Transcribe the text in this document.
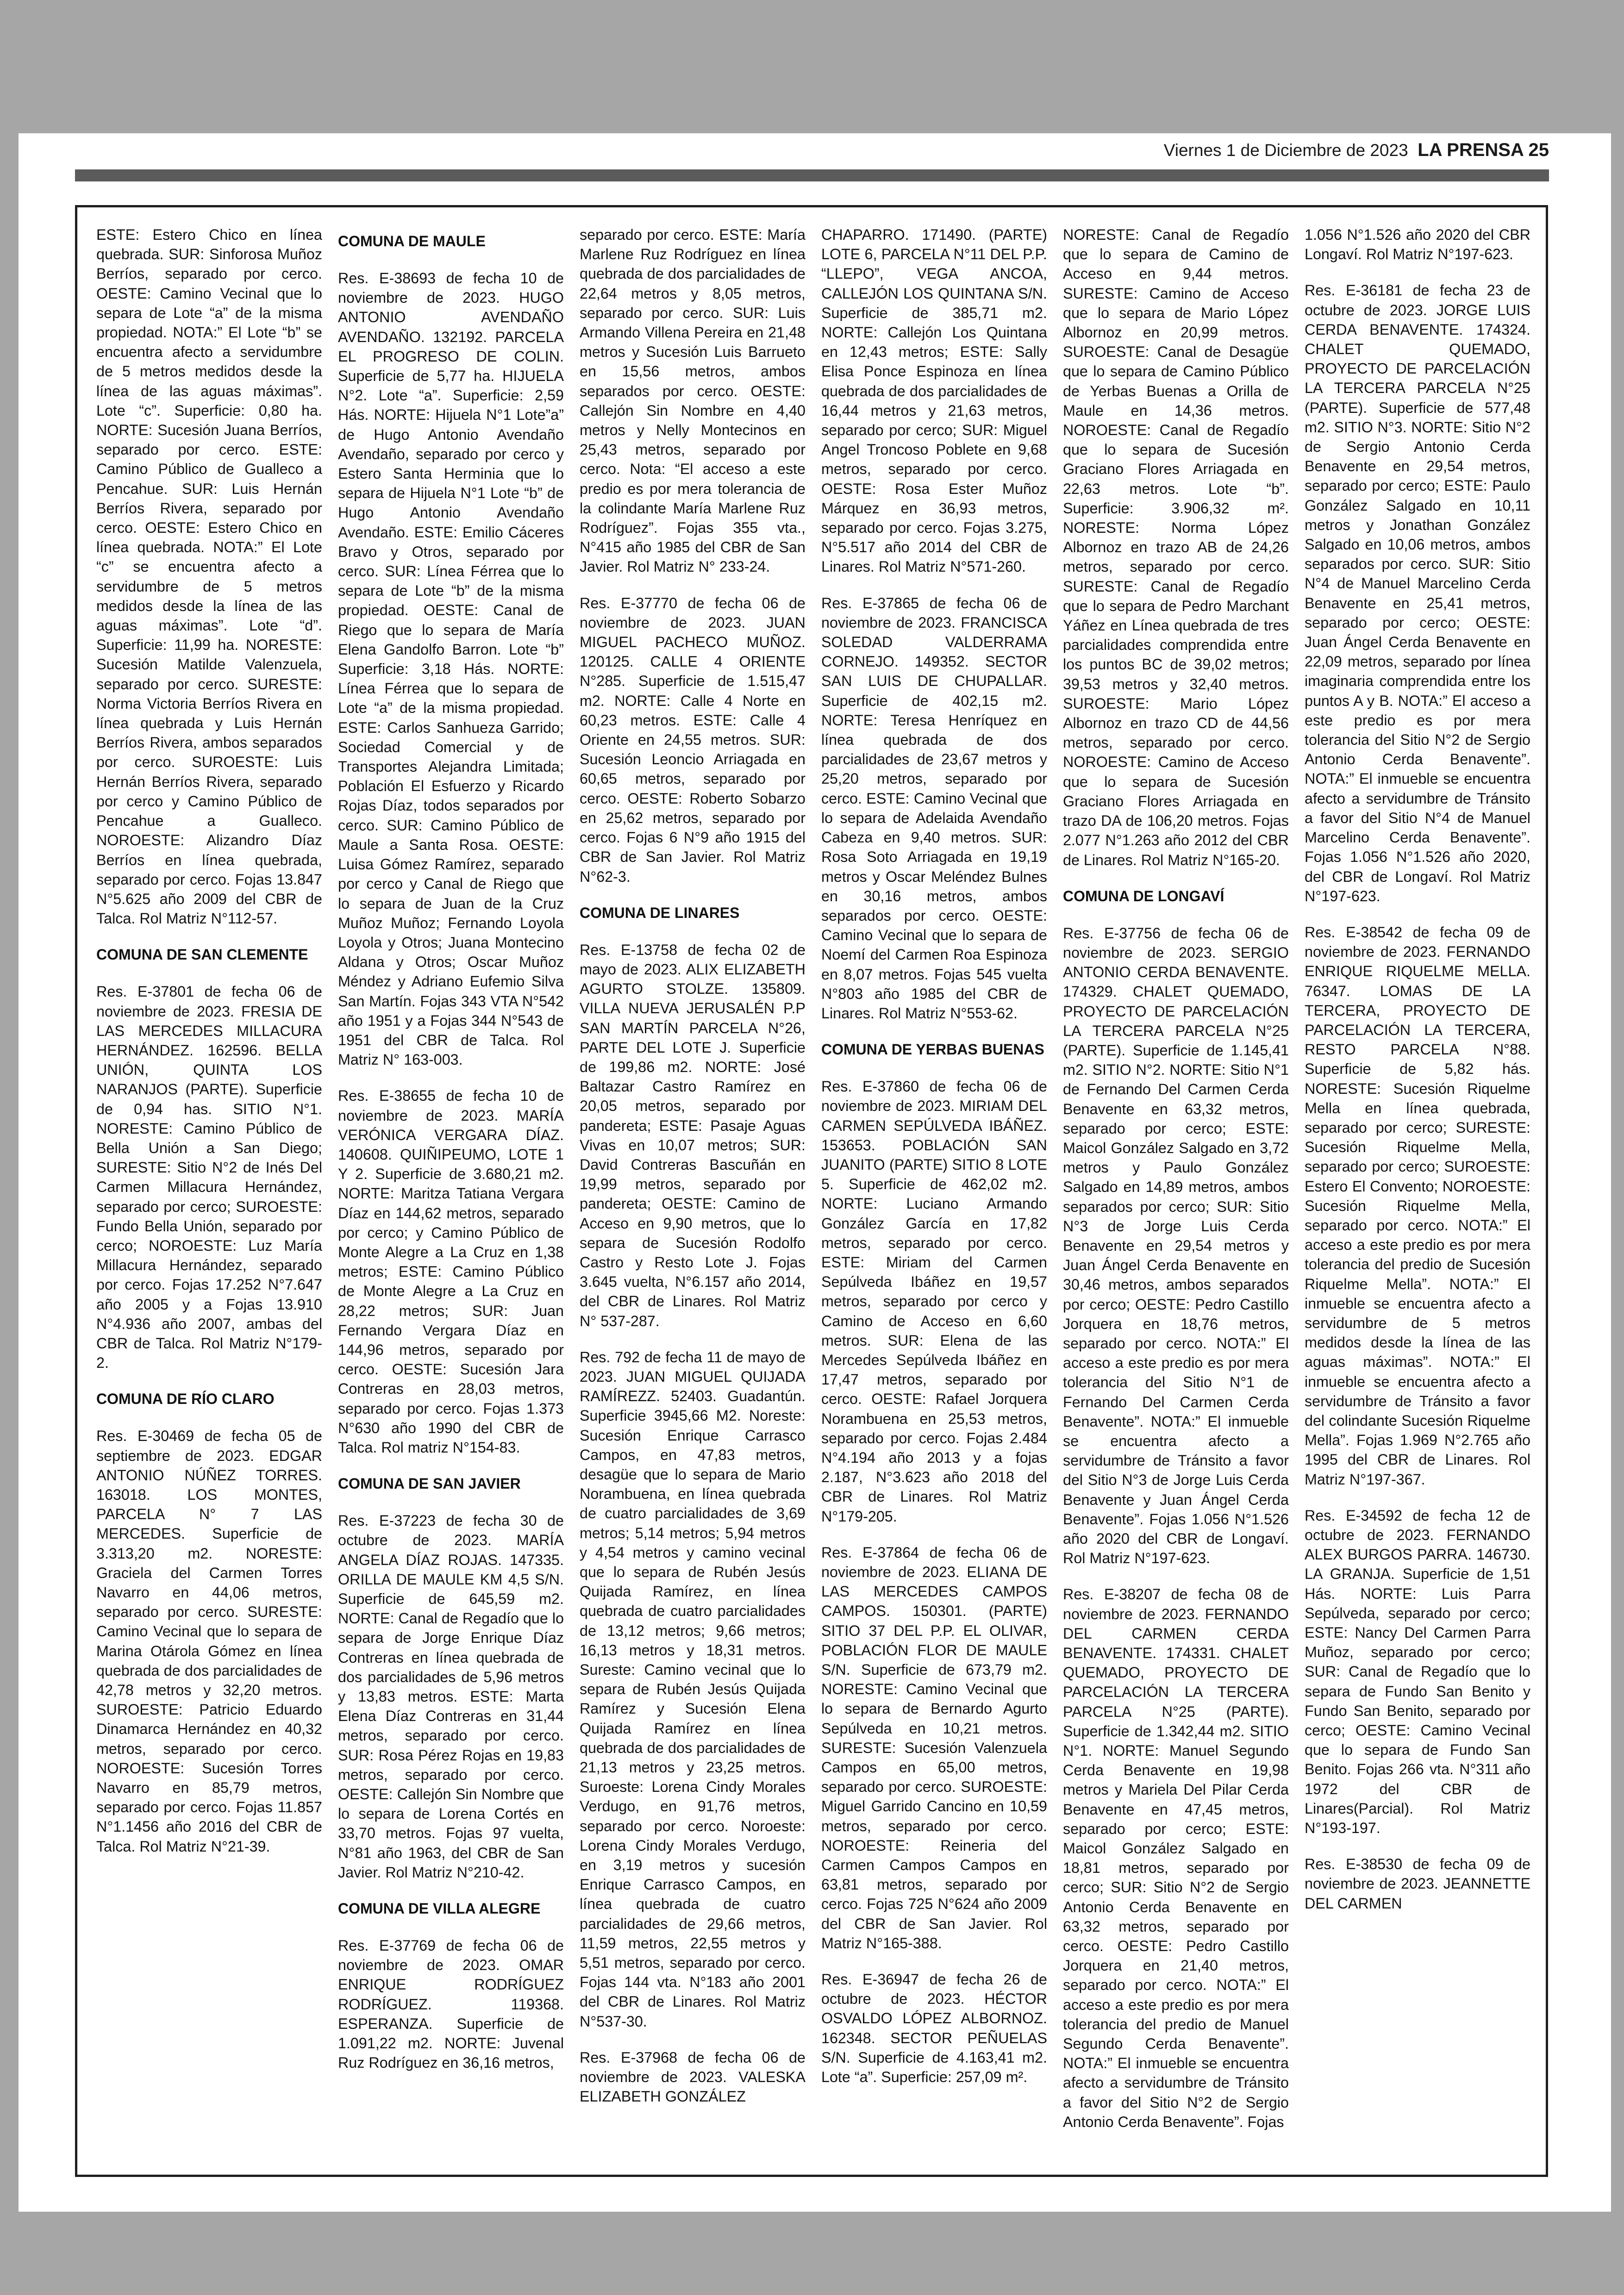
Viernes 1 de Diciembre de 2023 LA PRENSA 25

ESTE: Estero Chico en línea quebrada. SUR: Sinforosa Muñoz Berríos, separado por cerco. OESTE: Camino Vecinal que lo separa de Lote “a” de la misma propiedad. NOTA:” El Lote “b” se encuentra afecto a servidumbre de 5 metros medidos desde la línea de las aguas máximas”. Lote “c”. Superficie: 0,80 ha. NORTE: Sucesión Juana Berríos, separado por cerco. ESTE: Camino Público de Gualleco a Pencahue. SUR: Luis Hernán Berríos Rivera, separado por cerco. OESTE: Estero Chico en línea quebrada. NOTA:” El Lote “c” se encuentra afecto a servidumbre de 5 metros medidos desde la línea de las aguas máximas”. Lote “d”. Superficie: 11,99 ha. NORESTE: Sucesión Matilde Valenzuela, separado por cerco. SURESTE: Norma Victoria Berríos Rivera en línea quebrada y Luis Hernán Berríos Rivera, ambos separados por cerco. SUROESTE: Luis Hernán Berríos Rivera, separado por cerco y Camino Público de Pencahue a Gualleco. NOROESTE: Alizandro Díaz Berríos en línea quebrada, separado por cerco. Fojas 13.847 N°5.625 año 2009 del CBR de Talca. Rol Matriz N°112-57.

COMUNA DE SAN CLEMENTE

Res. E-37801 de fecha 06 de noviembre de 2023. FRESIA DE LAS MERCEDES MILLACURA HERNÁNDEZ. 162596. BELLA UNIÓN, QUINTA LOS NARANJOS (PARTE). Superficie de 0,94 has. SITIO N°1. NORESTE: Camino Público de Bella Unión a San Diego; SURESTE: Sitio N°2 de Inés Del Carmen Millacura Hernández, separado por cerco; SUROESTE: Fundo Bella Unión, separado por cerco; NOROESTE: Luz María Millacura Hernández, separado por cerco. Fojas 17.252 N°7.647 año 2005 y a Fojas 13.910 N°4.936 año 2007, ambas del CBR de Talca. Rol Matriz N°179-2.

COMUNA DE RÍO CLARO

Res. E-30469 de fecha 05 de septiembre de 2023. EDGAR ANTONIO NÚÑEZ TORRES. 163018. LOS MONTES, PARCELA N° 7 LAS MERCEDES. Superficie de 3.313,20 m2. NORESTE: Graciela del Carmen Torres Navarro en 44,06 metros, separado por cerco. SURESTE: Camino Vecinal que lo separa de Marina Otárola Gómez en línea quebrada de dos parcialidades de 42,78 metros y 32,20 metros. SUROESTE: Patricio Eduardo Dinamarca Hernández en 40,32 metros, separado por cerco. NOROESTE: Sucesión Torres Navarro en 85,79 metros, separado por cerco. Fojas 11.857 N°1.1456 año 2016 del CBR de Talca. Rol Matriz N°21-39.

COMUNA DE MAULE

Res. E-38693 de fecha 10 de noviembre de 2023. HUGO ANTONIO AVENDAÑO AVENDAÑO. 132192. PARCELA EL PROGRESO DE COLIN. Superficie de 5,77 ha. HIJUELA N°2. Lote “a”. Superficie: 2,59 Hás. NORTE: Hijuela N°1 Lote”a” de Hugo Antonio Avendaño Avendaño, separado por cerco y Estero Santa Herminia que lo separa de Hijuela N°1 Lote “b” de Hugo Antonio Avendaño Avendaño. ESTE: Emilio Cáceres Bravo y Otros, separado por cerco. SUR: Línea Férrea que lo separa de Lote “b” de la misma propiedad. OESTE: Canal de Riego que lo separa de María Elena Gandolfo Barron. Lote “b” Superficie: 3,18 Hás. NORTE: Línea Férrea que lo separa de Lote “a” de la misma propiedad. ESTE: Carlos Sanhueza Garrido; Sociedad Comercial y de Transportes Alejandra Limitada; Población El Esfuerzo y Ricardo Rojas Díaz, todos separados por cerco. SUR: Camino Público de Maule a Santa Rosa. OESTE: Luisa Gómez Ramírez, separado por cerco y Canal de Riego que lo separa de Juan de la Cruz Muñoz Muñoz; Fernando Loyola Loyola y Otros; Juana Montecino Aldana y Otros; Oscar Muñoz Méndez y Adriano Eufemio Silva San Martín. Fojas 343 VTA N°542 año 1951 y a Fojas 344 N°543 de 1951 del CBR de Talca. Rol Matriz N° 163-003.

Res. E-38655 de fecha 10 de noviembre de 2023. MARÍA VERÓNICA VERGARA DÍAZ. 140608. QUIÑIPEUMO, LOTE 1 Y 2. Superficie de 3.680,21 m2. NORTE: Maritza Tatiana Vergara Díaz en 144,62 metros, separado por cerco; y Camino Público de Monte Alegre a La Cruz en 1,38 metros; ESTE: Camino Público de Monte Alegre a La Cruz en 28,22 metros; SUR: Juan Fernando Vergara Díaz en 144,96 metros, separado por cerco. OESTE: Sucesión Jara Contreras en 28,03 metros, separado por cerco. Fojas 1.373 N°630 año 1990 del CBR de Talca. Rol matriz N°154-83.

COMUNA DE SAN JAVIER

Res. E-37223 de fecha 30 de octubre de 2023. MARÍA ANGELA DÍAZ ROJAS. 147335. ORILLA DE MAULE KM 4,5 S/N. Superficie de 645,59 m2. NORTE: Canal de Regadío que lo separa de Jorge Enrique Díaz Contreras en línea quebrada de dos parcialidades de 5,96 metros y 13,83 metros. ESTE: Marta Elena Díaz Contreras en 31,44 metros, separado por cerco. SUR: Rosa Pérez Rojas en 19,83 metros, separado por cerco. OESTE: Callejón Sin Nombre que lo separa de Lorena Cortés en 33,70 metros. Fojas 97 vuelta, N°81 año 1963, del CBR de San Javier. Rol Matriz N°210-42.

COMUNA DE VILLA ALEGRE

Res. E-37769 de fecha 06 de noviembre de 2023. OMAR ENRIQUE RODRÍGUEZ RODRÍGUEZ. 119368. ESPERANZA. Superficie de 1.091,22 m2. NORTE: Juvenal Ruz Rodríguez en 36,16 metros,

separado por cerco. ESTE: María Marlene Ruz Rodríguez en línea quebrada de dos parcialidades de 22,64 metros y 8,05 metros, separado por cerco. SUR: Luis Armando Villena Pereira en 21,48 metros y Sucesión Luis Barrueto en 15,56 metros, ambos separados por cerco. OESTE: Callejón Sin Nombre en 4,40 metros y Nelly Montecinos en 25,43 metros, separado por cerco. Nota: “El acceso a este predio es por mera tolerancia de la colindante María Marlene Ruz Rodríguez”. Fojas 355 vta., N°415 año 1985 del CBR de San Javier. Rol Matriz N° 233-24.

Res. E-37770 de fecha 06 de noviembre de 2023. JUAN MIGUEL PACHECO MUÑOZ. 120125. CALLE 4 ORIENTE N°285. Superficie de 1.515,47 m2. NORTE: Calle 4 Norte en 60,23 metros. ESTE: Calle 4 Oriente en 24,55 metros. SUR: Sucesión Leoncio Arriagada en 60,65 metros, separado por cerco. OESTE: Roberto Sobarzo en 25,62 metros, separado por cerco. Fojas 6 N°9 año 1915 del CBR de San Javier. Rol Matriz N°62-3.

COMUNA DE LINARES

Res. E-13758 de fecha 02 de mayo de 2023. ALIX ELIZABETH AGURTO STOLZE. 135809. VILLA NUEVA JERUSALÉN P.P SAN MARTÍN PARCELA N°26, PARTE DEL LOTE J. Superficie de 199,86 m2. NORTE: José Baltazar Castro Ramírez en 20,05 metros, separado por pandereta; ESTE: Pasaje Aguas Vivas en 10,07 metros; SUR: David Contreras Bascuñán en 19,99 metros, separado por pandereta; OESTE: Camino de Acceso en 9,90 metros, que lo separa de Sucesión Rodolfo Castro y Resto Lote J. Fojas 3.645 vuelta, N°6.157 año 2014, del CBR de Linares. Rol Matriz N° 537-287.

Res. 792 de fecha 11 de mayo de 2023. JUAN MIGUEL QUIJADA RAMÍREZZ. 52403. Guadantún. Superficie 3945,66 M2. Noreste: Sucesión Enrique Carrasco Campos, en 47,83 metros, desagüe que lo separa de Mario Norambuena, en línea quebrada de cuatro parcialidades de 3,69 metros; 5,14 metros; 5,94 metros y 4,54 metros y camino vecinal que lo separa de Rubén Jesús Quijada Ramírez, en línea quebrada de cuatro parcialidades de 13,12 metros; 9,66 metros; 16,13 metros y 18,31 metros. Sureste: Camino vecinal que lo separa de Rubén Jesús Quijada Ramírez y Sucesión Elena Quijada Ramírez en línea quebrada de dos parcialidades de 21,13 metros y 23,25 metros. Suroeste: Lorena Cindy Morales Verdugo, en 91,76 metros, separado por cerco. Noroeste: Lorena Cindy Morales Verdugo, en 3,19 metros y sucesión Enrique Carrasco Campos, en línea quebrada de cuatro parcialidades de 29,66 metros, 11,59 metros, 22,55 metros y 5,51 metros, separado por cerco. Fojas 144 vta. N°183 año 2001 del CBR de Linares. Rol Matriz N°537-30.

Res. E-37968 de fecha 06 de noviembre de 2023. VALESKA ELIZABETH GONZÁLEZ

CHAPARRO. 171490. (PARTE) LOTE 6, PARCELA N°11 DEL P.P. “LLEPO”, VEGA ANCOA, CALLEJÓN LOS QUINTANA S/N. Superficie de 385,71 m2. NORTE: Callejón Los Quintana en 12,43 metros; ESTE: Sally Elisa Ponce Espinoza en línea quebrada de dos parcialidades de 16,44 metros y 21,63 metros, separado por cerco; SUR: Miguel Angel Troncoso Poblete en 9,68 metros, separado por cerco. OESTE: Rosa Ester Muñoz Márquez en 36,93 metros, separado por cerco. Fojas 3.275, N°5.517 año 2014 del CBR de Linares. Rol Matriz N°571-260.

Res. E-37865 de fecha 06 de noviembre de 2023. FRANCISCA SOLEDAD VALDERRAMA CORNEJO. 149352. SECTOR SAN LUIS DE CHUPALLAR. Superficie de 402,15 m2. NORTE: Teresa Henríquez en línea quebrada de dos parcialidades de 23,67 metros y 25,20 metros, separado por cerco. ESTE: Camino Vecinal que lo separa de Adelaida Avendaño Cabeza en 9,40 metros. SUR: Rosa Soto Arriagada en 19,19 metros y Oscar Meléndez Bulnes en 30,16 metros, ambos separados por cerco. OESTE: Camino Vecinal que lo separa de Noemí del Carmen Roa Espinoza en 8,07 metros. Fojas 545 vuelta N°803 año 1985 del CBR de Linares. Rol Matriz N°553-62.

COMUNA DE YERBAS BUENAS

Res. E-37860 de fecha 06 de noviembre de 2023. MIRIAM DEL CARMEN SEPÚLVEDA IBÁÑEZ. 153653. POBLACIÓN SAN JUANITO (PARTE) SITIO 8 LOTE 5. Superficie de 462,02 m2. NORTE: Luciano Armando González García en 17,82 metros, separado por cerco. ESTE: Miriam del Carmen Sepúlveda Ibáñez en 19,57 metros, separado por cerco y Camino de Acceso en 6,60 metros. SUR: Elena de las Mercedes Sepúlveda Ibáñez en 17,47 metros, separado por cerco. OESTE: Rafael Jorquera Norambuena en 25,53 metros, separado por cerco. Fojas 2.484 N°4.194 año 2013 y a fojas 2.187, N°3.623 año 2018 del CBR de Linares. Rol Matriz N°179-205.

Res. E-37864 de fecha 06 de noviembre de 2023. ELIANA DE LAS MERCEDES CAMPOS CAMPOS. 150301. (PARTE) SITIO 37 DEL P.P. EL OLIVAR, POBLACIÓN FLOR DE MAULE S/N. Superficie de 673,79 m2. NORESTE: Camino Vecinal que lo separa de Bernardo Agurto Sepúlveda en 10,21 metros. SURESTE: Sucesión Valenzuela Campos en 65,00 metros, separado por cerco. SUROESTE: Miguel Garrido Cancino en 10,59 metros, separado por cerco. NOROESTE: Reineria del Carmen Campos Campos en 63,81 metros, separado por cerco. Fojas 725 N°624 año 2009 del CBR de San Javier. Rol Matriz N°165-388.

Res. E-36947 de fecha 26 de octubre de 2023. HÉCTOR OSVALDO LÓPEZ ALBORNOZ. 162348. SECTOR PEÑUELAS S/N. Superficie de 4.163,41 m2. Lote “a”. Superficie: 257,09 m².

NORESTE: Canal de Regadío que lo separa de Camino de Acceso en 9,44 metros. SURESTE: Camino de Acceso que lo separa de Mario López Albornoz en 20,99 metros. SUROESTE: Canal de Desagüe que lo separa de Camino Público de Yerbas Buenas a Orilla de Maule en 14,36 metros. NOROESTE: Canal de Regadío que lo separa de Sucesión Graciano Flores Arriagada en 22,63 metros. Lote “b”. Superficie: 3.906,32 m². NORESTE: Norma López Albornoz en trazo AB de 24,26 metros, separado por cerco. SURESTE: Canal de Regadío que lo separa de Pedro Marchant Yáñez en Línea quebrada de tres parcialidades comprendida entre los puntos BC de 39,02 metros; 39,53 metros y 32,40 metros. SUROESTE: Mario López Albornoz en trazo CD de 44,56 metros, separado por cerco. NOROESTE: Camino de Acceso que lo separa de Sucesión Graciano Flores Arriagada en trazo DA de 106,20 metros. Fojas 2.077 N°1.263 año 2012 del CBR de Linares. Rol Matriz N°165-20.

COMUNA DE LONGAVÍ

Res. E-37756 de fecha 06 de noviembre de 2023. SERGIO ANTONIO CERDA BENAVENTE. 174329. CHALET QUEMADO, PROYECTO DE PARCELACIÓN LA TERCERA PARCELA N°25 (PARTE). Superficie de 1.145,41 m2. SITIO N°2. NORTE: Sitio N°1 de Fernando Del Carmen Cerda Benavente en 63,32 metros, separado por cerco; ESTE: Maicol González Salgado en 3,72 metros y Paulo González Salgado en 14,89 metros, ambos separados por cerco; SUR: Sitio N°3 de Jorge Luis Cerda Benavente en 29,54 metros y Juan Ángel Cerda Benavente en 30,46 metros, ambos separados por cerco; OESTE: Pedro Castillo Jorquera en 18,76 metros, separado por cerco. NOTA:” El acceso a este predio es por mera tolerancia del Sitio N°1 de Fernando Del Carmen Cerda Benavente”. NOTA:” El inmueble se encuentra afecto a servidumbre de Tránsito a favor del Sitio N°3 de Jorge Luis Cerda Benavente y Juan Ángel Cerda Benavente”. Fojas 1.056 N°1.526 año 2020 del CBR de Longaví. Rol Matriz N°197-623.

Res. E-38207 de fecha 08 de noviembre de 2023. FERNANDO DEL CARMEN CERDA BENAVENTE. 174331. CHALET QUEMADO, PROYECTO DE PARCELACIÓN LA TERCERA PARCELA N°25 (PARTE). Superficie de 1.342,44 m2. SITIO N°1. NORTE: Manuel Segundo Cerda Benavente en 19,98 metros y Mariela Del Pilar Cerda Benavente en 47,45 metros, separado por cerco; ESTE: Maicol González Salgado en 18,81 metros, separado por cerco; SUR: Sitio N°2 de Sergio Antonio Cerda Benavente en 63,32 metros, separado por cerco. OESTE: Pedro Castillo Jorquera en 21,40 metros, separado por cerco. NOTA:” El acceso a este predio es por mera tolerancia del predio de Manuel Segundo Cerda Benavente”. NOTA:” El inmueble se encuentra afecto a servidumbre de Tránsito a favor del Sitio N°2 de Sergio Antonio Cerda Benavente”. Fojas

1.056 N°1.526 año 2020 del CBR Longaví. Rol Matriz N°197-623.

Res. E-36181 de fecha 23 de octubre de 2023. JORGE LUIS CERDA BENAVENTE. 174324. CHALET QUEMADO, PROYECTO DE PARCELACIÓN LA TERCERA PARCELA N°25 (PARTE). Superficie de 577,48 m2. SITIO N°3. NORTE: Sitio N°2 de Sergio Antonio Cerda Benavente en 29,54 metros, separado por cerco; ESTE: Paulo González Salgado en 10,11 metros y Jonathan González Salgado en 10,06 metros, ambos separados por cerco. SUR: Sitio N°4 de Manuel Marcelino Cerda Benavente en 25,41 metros, separado por cerco; OESTE: Juan Ángel Cerda Benavente en 22,09 metros, separado por línea imaginaria comprendida entre los puntos A y B. NOTA:” El acceso a este predio es por mera tolerancia del Sitio N°2 de Sergio Antonio Cerda Benavente”. NOTA:” El inmueble se encuentra afecto a servidumbre de Tránsito a favor del Sitio N°4 de Manuel Marcelino Cerda Benavente”. Fojas 1.056 N°1.526 año 2020, del CBR de Longaví. Rol Matriz N°197-623.

Res. E-38542 de fecha 09 de noviembre de 2023. FERNANDO ENRIQUE RIQUELME MELLA. 76347. LOMAS DE LA TERCERA, PROYECTO DE PARCELACIÓN LA TERCERA, RESTO PARCELA N°88. Superficie de 5,82 hás. NORESTE: Sucesión Riquelme Mella en línea quebrada, separado por cerco; SURESTE: Sucesión Riquelme Mella, separado por cerco; SUROESTE: Estero El Convento; NOROESTE: Sucesión Riquelme Mella, separado por cerco. NOTA:” El acceso a este predio es por mera tolerancia del predio de Sucesión Riquelme Mella”. NOTA:” El inmueble se encuentra afecto a servidumbre de 5 metros medidos desde la línea de las aguas máximas”. NOTA:” El inmueble se encuentra afecto a servidumbre de Tránsito a favor del colindante Sucesión Riquelme Mella”. Fojas 1.969 N°2.765 año 1995 del CBR de Linares. Rol Matriz N°197-367.

Res. E-34592 de fecha 12 de octubre de 2023. FERNANDO ALEX BURGOS PARRA. 146730. LA GRANJA. Superficie de 1,51 Hás. NORTE: Luis Parra Sepúlveda, separado por cerco; ESTE: Nancy Del Carmen Parra Muñoz, separado por cerco; SUR: Canal de Regadío que lo separa de Fundo San Benito y Fundo San Benito, separado por cerco; OESTE: Camino Vecinal que lo separa de Fundo San Benito. Fojas 266 vta. N°311 año 1972 del CBR de Linares(Parcial). Rol Matriz N°193-197.

Res. E-38530 de fecha 09 de noviembre de 2023. JEANNETTE DEL CARMEN
